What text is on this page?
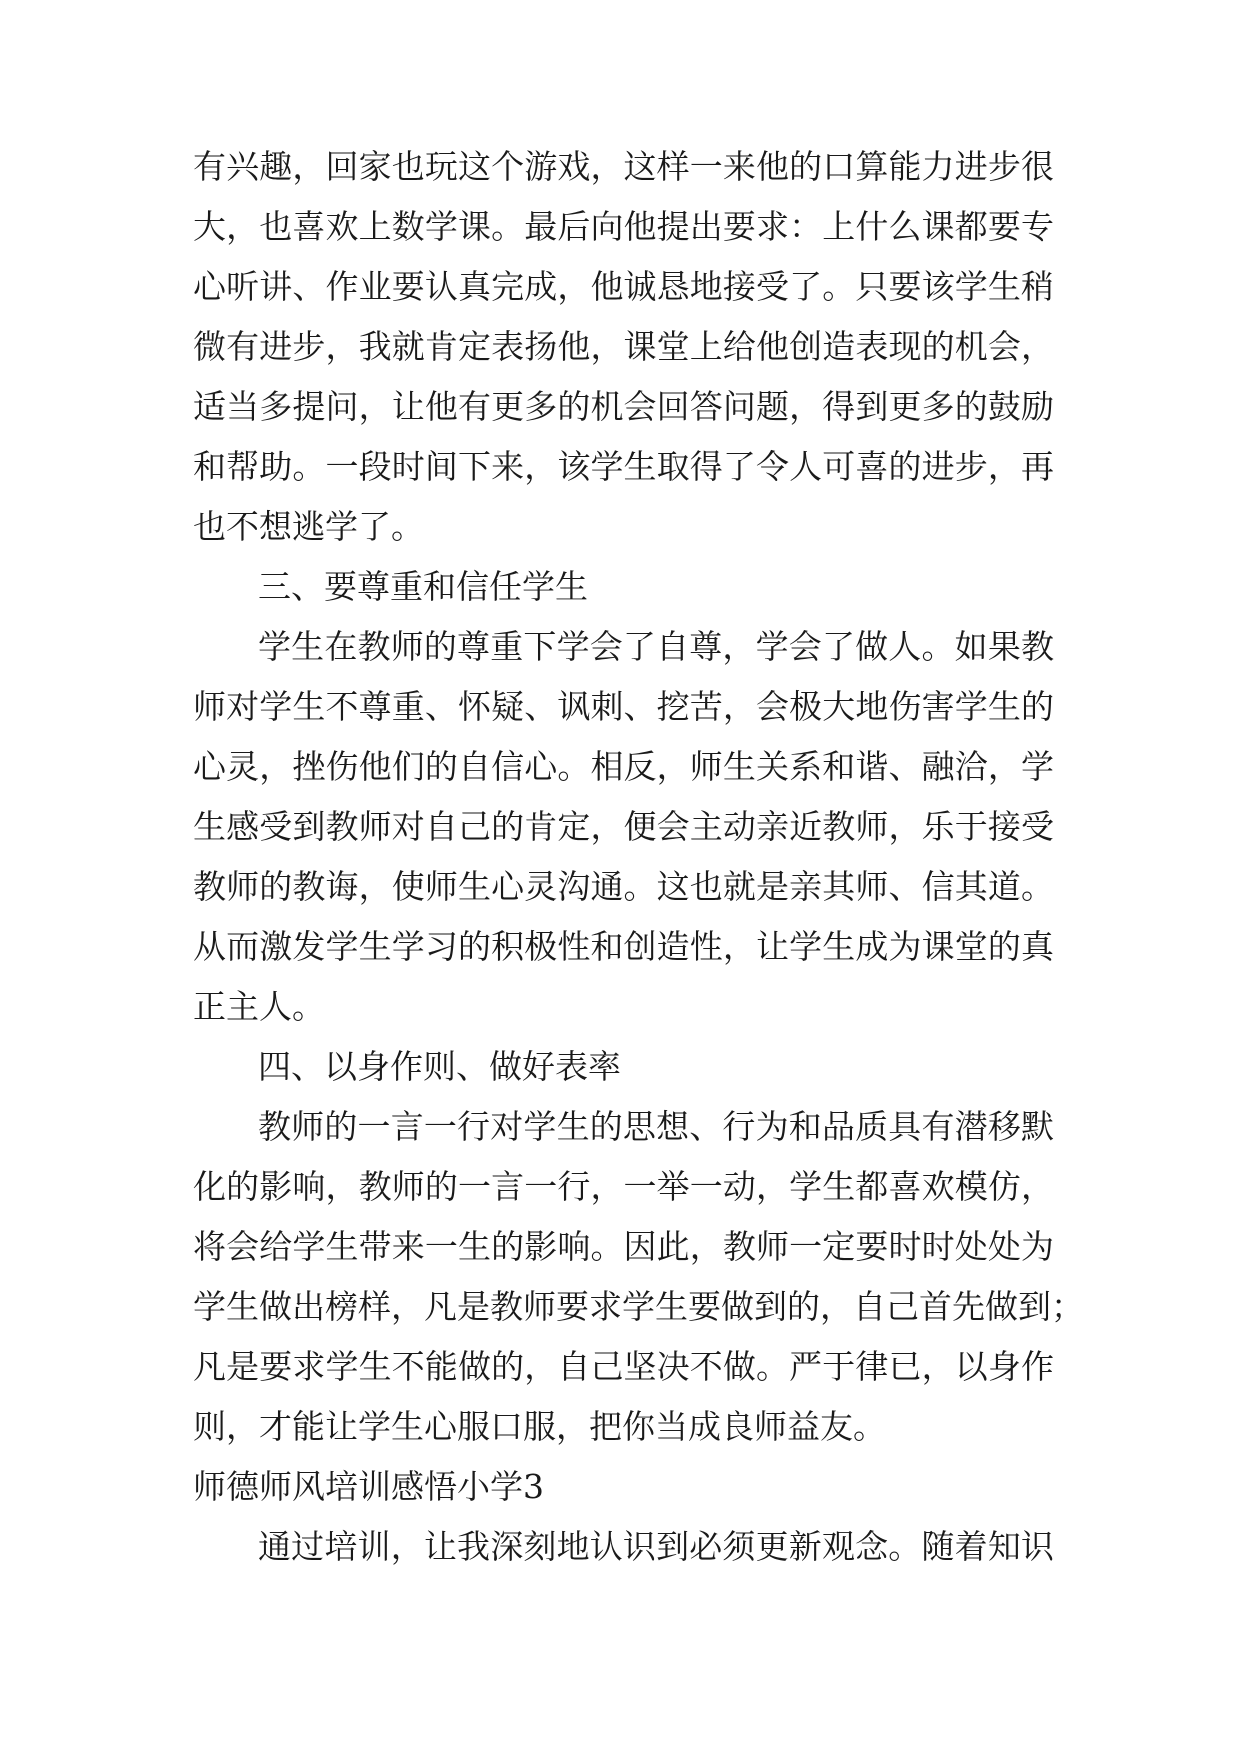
有兴趣，回家也玩这个游戏，这样一来他的口算能力进步很

大，也喜欢上数学课。最后向他提出要求：上什么课都要专

心听讲、作业要认真完成，他诚恳地接受了。只要该学生稍

微有进步，我就肯定表扬他，课堂上给他创造表现的机会，

适当多提问，让他有更多的机会回答问题，得到更多的鼓励

和帮助。一段时间下来，该学生取得了令人可喜的进步，再

也不想逃学了。

三、要尊重和信任学生

学生在教师的尊重下学会了自尊，学会了做人。如果教

师对学生不尊重、怀疑、讽刺、挖苦，会极大地伤害学生的

心灵，挫伤他们的自信心。相反，师生关系和谐、融洽，学

生感受到教师对自己的肯定，便会主动亲近教师，乐于接受

教师的教诲，使师生心灵沟通。这也就是亲其师、信其道。

从而激发学生学习的积极性和创造性，让学生成为课堂的真

正主人。

四、以身作则、做好表率

教师的一言一行对学生的思想、行为和品质具有潜移默

化的影响，教师的一言一行，一举一动，学生都喜欢模仿，

将会给学生带来一生的影响。因此，教师一定要时时处处为

学生做出榜样，凡是教师要求学生要做到的，自己首先做到；

凡是要求学生不能做的，自己坚决不做。严于律已，以身作

则，才能让学生心服口服，把你当成良师益友。

师德师风培训感悟小学3

通过培训，让我深刻地认识到必须更新观念。随着知识
